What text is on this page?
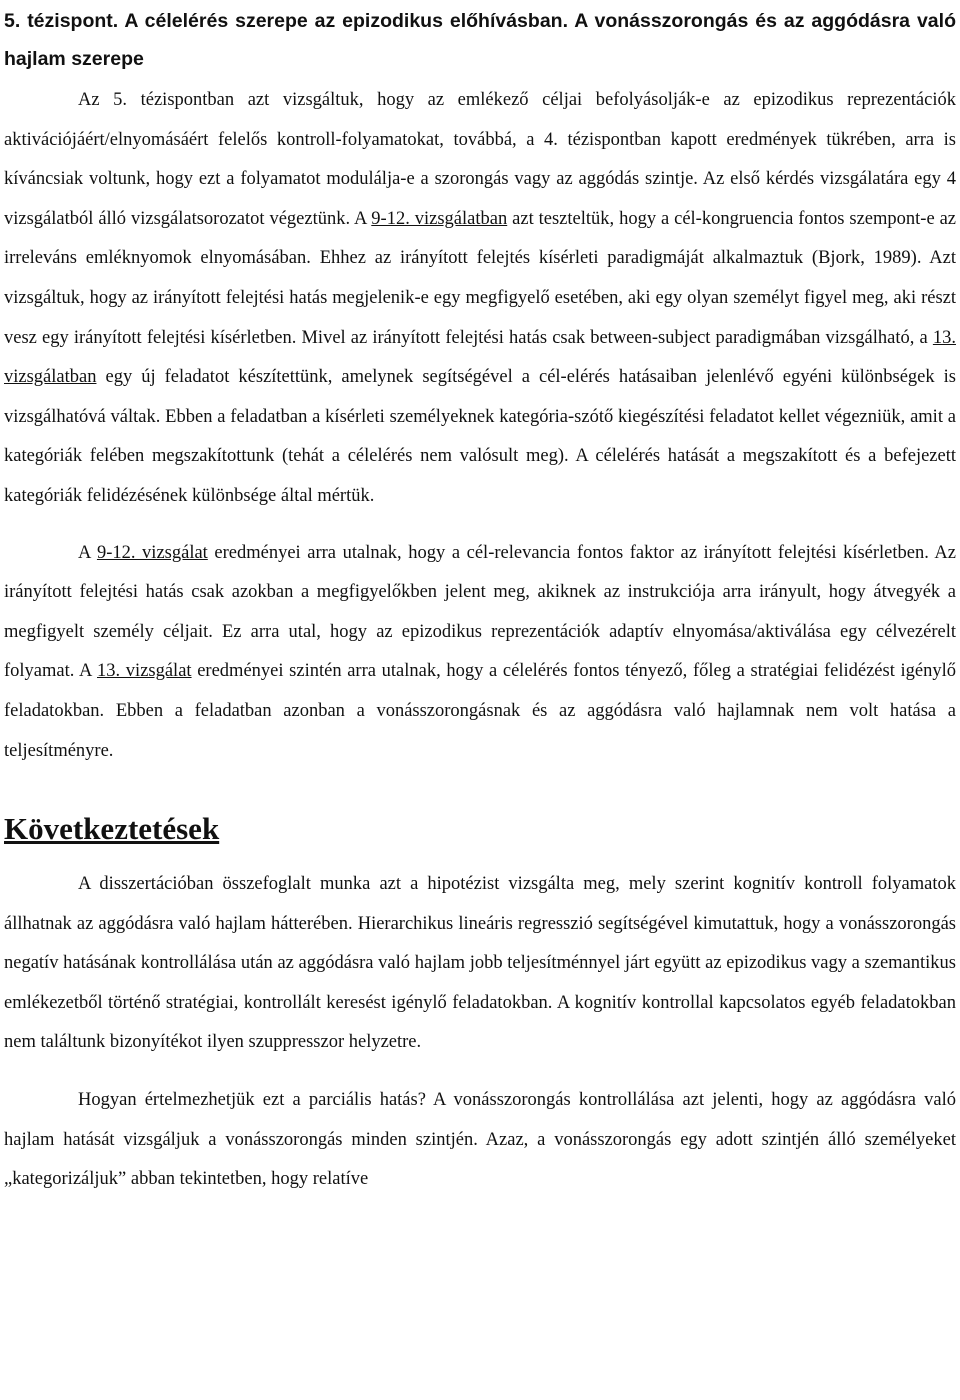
5. tézispont. A célelérés szerepe az epizodikus előhívásban. A vonásszorongás és az aggódásra való hajlam szerepe

Az 5. tézispontban azt vizsgáltuk, hogy az emlékező céljai befolyásolják-e az epizodikus reprezentációk aktivációjáért/elnyomásáért felelős kontroll-folyamatokat, továbbá, a 4. tézispontban kapott eredmények tükrében, arra is kíváncsiak voltunk, hogy ezt a folyamatot modulálja-e a szorongás vagy az aggódás szintje. Az első kérdés vizsgálatára egy 4 vizsgálatból álló vizsgálatsorozatot végeztünk. A 9-12. vizsgálatban azt teszteltük, hogy a cél-kongruencia fontos szempont-e az irreleváns emléknyomok elnyomásában. Ehhez az irányított felejtés kísérleti paradigmáját alkalmaztuk (Bjork, 1989). Azt vizsgáltuk, hogy az irányított felejtési hatás megjelenik-e egy megfigyelő esetében, aki egy olyan személyt figyel meg, aki részt vesz egy irányított felejtési kísérletben. Mivel az irányított felejtési hatás csak between-subject paradigmában vizsgálható, a 13. vizsgálatban egy új feladatot készítettünk, amelynek segítségével a cél-elérés hatásaiban jelenlévő egyéni különbségek is vizsgálhatóvá váltak. Ebben a feladatban a kísérleti személyeknek kategória-szótő kiegészítési feladatot kellet végezniük, amit a kategóriák felében megszakítottunk (tehát a célelérés nem valósult meg). A célelérés hatását a megszakított és a befejezett kategóriák felidézésének különbsége által mértük.

A 9-12. vizsgálat eredményei arra utalnak, hogy a cél-relevancia fontos faktor az irányított felejtési kísérletben. Az irányított felejtési hatás csak azokban a megfigyelőkben jelent meg, akiknek az instrukciója arra irányult, hogy átvegyék a megfigyelt személy céljait. Ez arra utal, hogy az epizodikus reprezentációk adaptív elnyomása/aktiválása egy célvezérelt folyamat. A 13. vizsgálat eredményei szintén arra utalnak, hogy a célelérés fontos tényező, főleg a stratégiai felidézést igénylő feladatokban. Ebben a feladatban azonban a vonásszorongásnak és az aggódásra való hajlamnak nem volt hatása a teljesítményre.

Következtetések

A disszertációban összefoglalt munka azt a hipotézist vizsgálta meg, mely szerint kognitív kontroll folyamatok állhatnak az aggódásra való hajlam hátterében. Hierarchikus lineáris regresszió segítségével kimutattuk, hogy a vonásszorongás negatív hatásának kontrollálása után az aggódásra való hajlam jobb teljesítménnyel járt együtt az epizodikus vagy a szemantikus emlékezetből történő stratégiai, kontrollált keresést igénylő feladatokban. A kognitív kontrollal kapcsolatos egyéb feladatokban nem találtunk bizonyítékot ilyen szuppresszor helyzetre.

Hogyan értelmezhetjük ezt a parciális hatás? A vonásszorongás kontrollálása azt jelenti, hogy az aggódásra való hajlam hatását vizsgáljuk a vonásszorongás minden szintjén. Azaz, a vonásszorongás egy adott szintjén álló személyeket „kategorizáljuk” abban tekintetben, hogy relatíve
